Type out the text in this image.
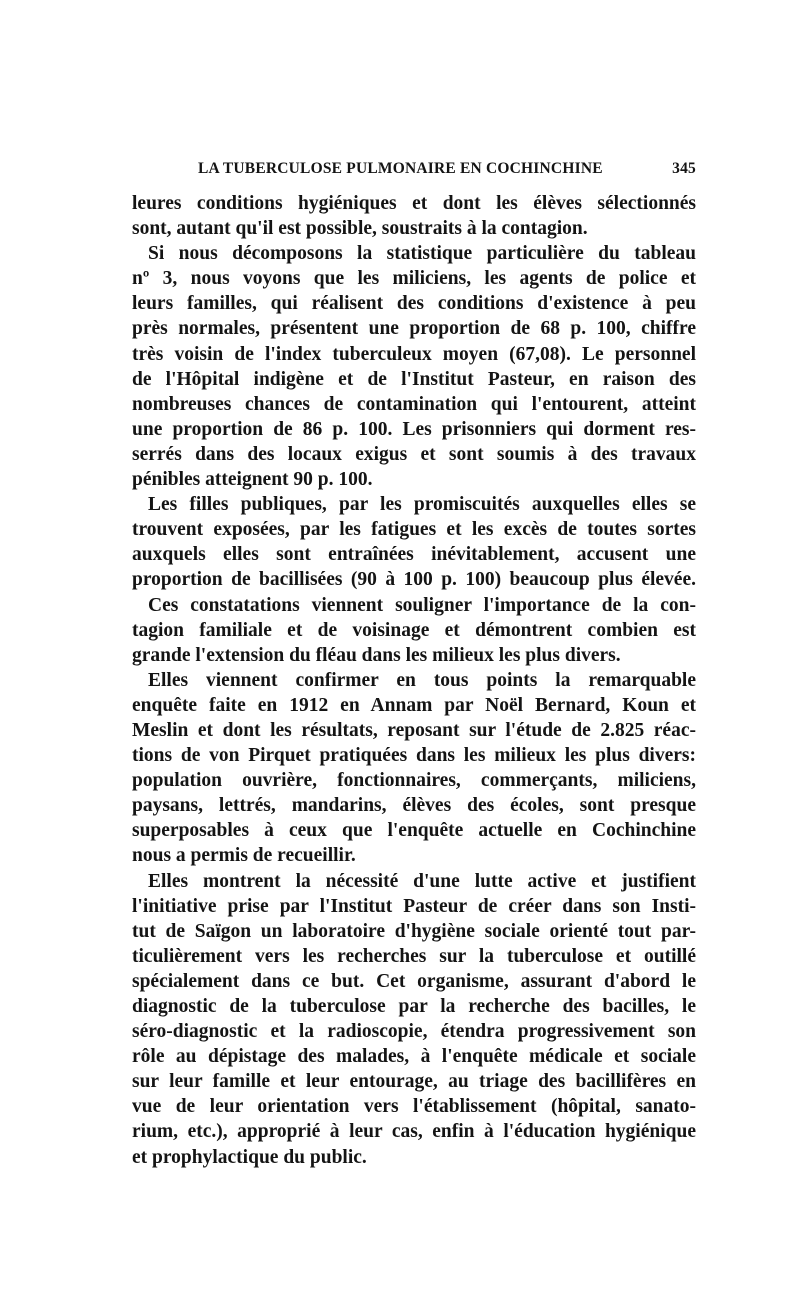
LA TUBERCULOSE PULMONAIRE EN COCHINCHINE	345
leures conditions hygiéniques et dont les élèves sélectionnés
sont, autant qu'il est possible, soustraits à la contagion.
Si nous décomposons la statistique particulière du tableau
nº 3, nous voyons que les miliciens, les agents de police et
leurs familles, qui réalisent des conditions d'existence à peu
près normales, présentent une proportion de 68 p. 100, chiffre
très voisin de l'index tuberculeux moyen (67,08). Le personnel
de l'Hôpital indigène et de l'Institut Pasteur, en raison des
nombreuses chances de contamination qui l'entourent, atteint
une proportion de 86 p. 100. Les prisonniers qui dorment res-
serrés dans des locaux exigus et sont soumis à des travaux
pénibles atteignent 90 p. 100.
Les filles publiques, par les promiscuités auxquelles elles se
trouvent exposées, par les fatigues et les excès de toutes sortes
auxquels elles sont entraînées inévitablement, accusent une
proportion de bacillisées (90 à 100 p. 100) beaucoup plus élevée.
Ces constatations viennent souligner l'importance de la con-
tagion familiale et de voisinage et démontrent combien est
grande l'extension du fléau dans les milieux les plus divers.
Elles viennent confirmer en tous points la remarquable
enquête faite en 1912 en Annam par Noël Bernard, Koun et
Meslin et dont les résultats, reposant sur l'étude de 2.825 réac-
tions de von Pirquet pratiquées dans les milieux les plus divers:
population ouvrière, fonctionnaires, commerçants, miliciens,
paysans, lettrés, mandarins, élèves des écoles, sont presque
superposables à ceux que l'enquête actuelle en Cochinchine
nous a permis de recueillir.
Elles montrent la nécessité d'une lutte active et justifient
l'initiative prise par l'Institut Pasteur de créer dans son Insti-
tut de Saïgon un laboratoire d'hygiène sociale orienté tout par-
ticulièrement vers les recherches sur la tuberculose et outillé
spécialement dans ce but. Cet organisme, assurant d'abord le
diagnostic de la tuberculose par la recherche des bacilles, le
séro-diagnostic et la radioscopie, étendra progressivement son
rôle au dépistage des malades, à l'enquête médicale et sociale
sur leur famille et leur entourage, au triage des bacillifères en
vue de leur orientation vers l'établissement (hôpital, sanato-
rium, etc.), approprié à leur cas, enfin à l'éducation hygiénique
et prophylactique du public.
